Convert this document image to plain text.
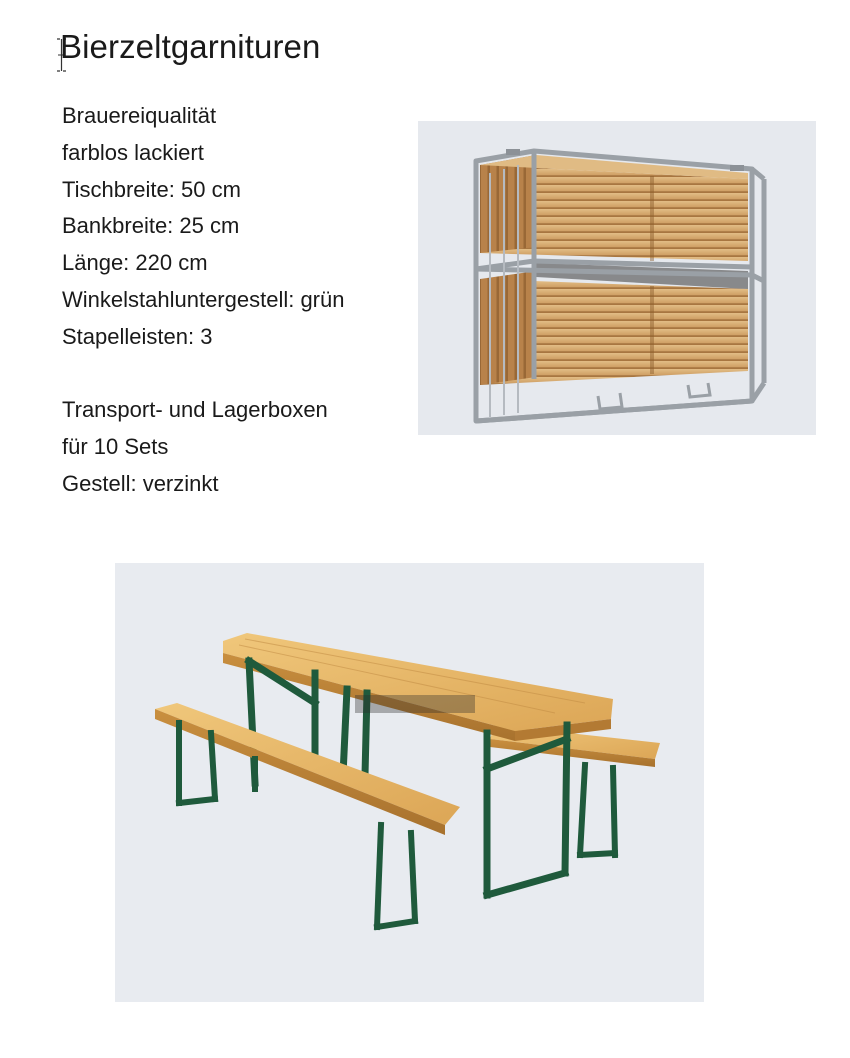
Bierzeltgarnituren
Brauereiqualität
farblos lackiert
Tischbreite: 50 cm
Bankbreite: 25 cm
Länge: 220 cm
Winkelstahluntergestell: grün
Stapelleisten: 3
Transport- und Lagerboxen
für 10 Sets
Gestell: verzinkt
